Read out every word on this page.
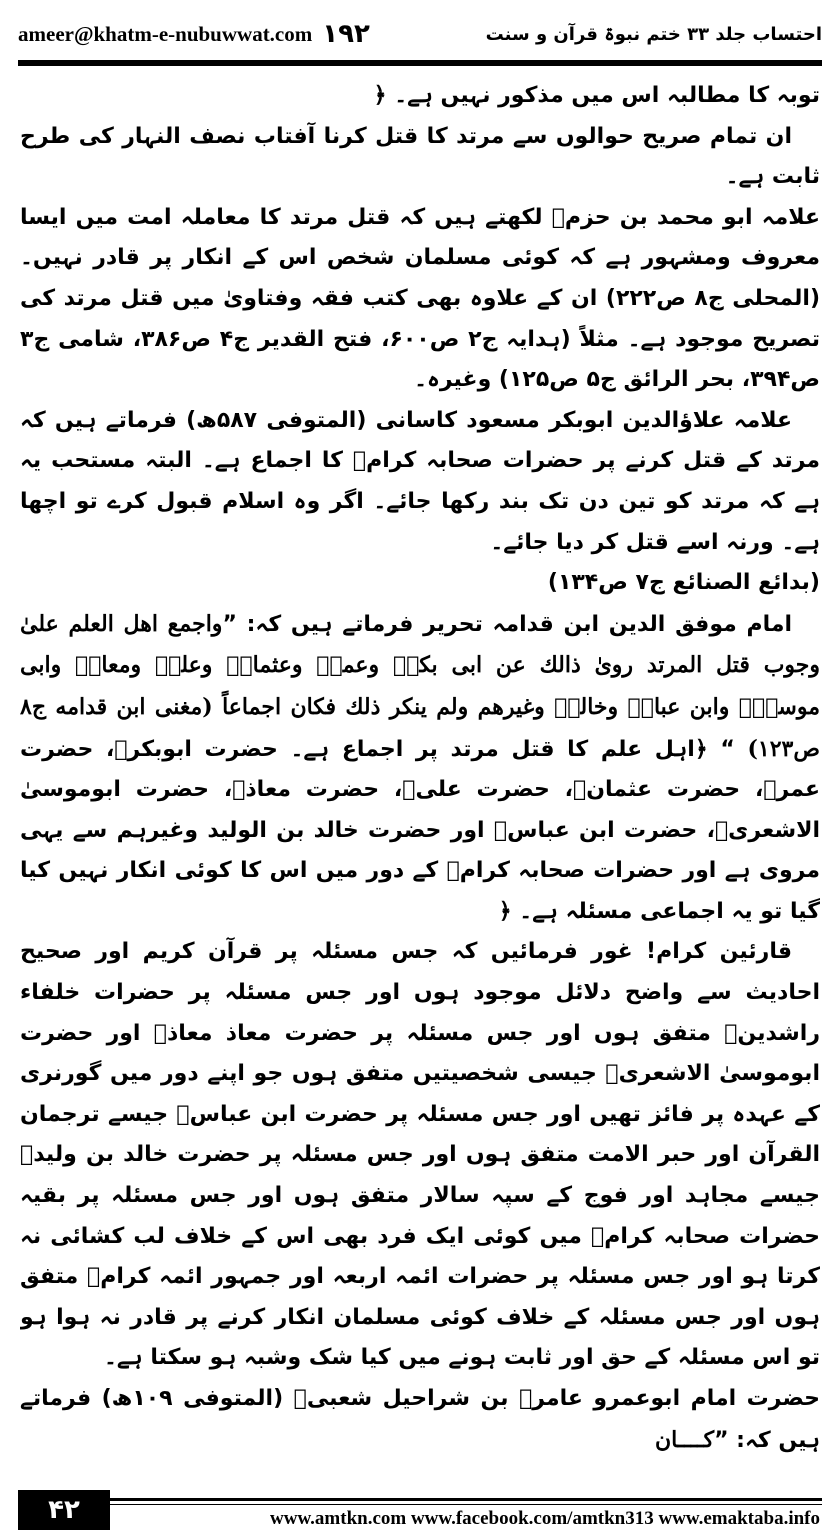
ameer@khatm-e-nubuwwat.com ۱۹۲	احتساب جلد ۳۳ ختم نبوۃ قرآن و سنت

توبہ کا مطالبہ اس میں مذکور نہیں ہے۔ ﴿

ان تمام صریح حوالوں سے مرتد کا قتل کرنا آفتاب نصف النہار کی طرح ثابت ہے۔

علامہ ابو محمد بن حزمؒ لکھتے ہیں کہ قتل مرتد کا معاملہ امت میں ایسا معروف ومشہور ہے کہ کوئی مسلمان شخص اس کے انکار پر قادر نہیں۔ (المحلی ج۸ ص۲۲۲) ان کے علاوہ بھی کتب فقہ وفتاویٰ میں قتل مرتد کی تصریح موجود ہے۔ مثلاً (ہدایہ ج۲ ص۶۰۰، فتح القدیر ج۴ ص۳۸۶، شامی ج۳ ص۳۹۴، بحر الرائق ج۵ ص۱۲۵) وغیرہ۔

علامہ علاؤالدین ابوبکر مسعود کاسانی (المتوفی ۵۸۷ھ) فرماتے ہیں کہ مرتد کے قتل کرنے پر حضرات صحابہ کرامؓ کا اجماع ہے۔ البتہ مستحب یہ ہے کہ مرتد کو تین دن تک بند رکھا جائے۔ اگر وہ اسلام قبول کرے تو اچھا ہے۔ ورنہ اسے قتل کر دیا جائے۔

(بدائع الصنائع ج۷ ص۱۳۴)

امام موفق الدین ابن قدامہ تحریر فرماتے ہیں کہ: ”واجمع اهل العلم علىٰ وجوب قتل المرتد روىٰ ذالك عن ابى بكرؓ وعمرؓ وعثمانؓ وعلیؓ ومعاذؓ وابى موسىٰؓ وابن عباسؓ وخالدؓ وغيرهم ولم ينكر ذلك فكان اجماعاً (مغنى ابن قدامه ج٨ ص١٢٣) “ ﴿اہل علم کا قتل مرتد پر اجماع ہے۔ حضرت ابوبکرؓ، حضرت عمرؓ، حضرت عثمانؓ، حضرت علیؓ، حضرت معاذؓ، حضرت ابوموسیٰ الاشعریؓ، حضرت ابن عباسؓ اور حضرت خالد بن الولید وغیرہم سے یہی مروی ہے اور حضرات صحابہ کرامؓ کے دور میں اس کا کوئی انکار نہیں کیا گیا تو یہ اجماعی مسئلہ ہے۔ ﴿

قارئین کرام! غور فرمائیں کہ جس مسئلہ پر قرآن کریم اور صحیح احادیث سے واضح دلائل موجود ہوں اور جس مسئلہ پر حضرات خلفاء راشدینؓ متفق ہوں اور جس مسئلہ پر حضرت معاذ معاذؓ اور حضرت ابوموسیٰ الاشعریؓ جیسی شخصیتیں متفق ہوں جو اپنے دور میں گورنری کے عہدہ پر فائز تھیں اور جس مسئلہ پر حضرت ابن عباسؓ جیسے ترجمان القرآن اور حبر الامت متفق ہوں اور جس مسئلہ پر حضرت خالد بن ولیدؓ جیسے مجاہد اور فوج کے سپہ سالار متفق ہوں اور جس مسئلہ پر بقیہ حضرات صحابہ کرامؓ میں کوئی ایک فرد بھی اس کے خلاف لب کشائی نہ کرتا ہو اور جس مسئلہ پر حضرات ائمہ اربعہ اور جمہور ائمہ کرامؒ متفق ہوں اور جس مسئلہ کے خلاف کوئی مسلمان انکار کرنے پر قادر نہ ہوا ہو تو اس مسئلہ کے حق اور ثابت ہونے میں کیا شک وشبہ ہو سکتا ہے۔

حضرت امام ابوعمرو عامرؒ بن شراحیل شعبیؒ (المتوفی ۱۰۹ھ) فرماتے ہیں کہ: ”کــــان

۴۲	www.amtkn.com www.facebook.com/amtkn313 www.emaktaba.info
